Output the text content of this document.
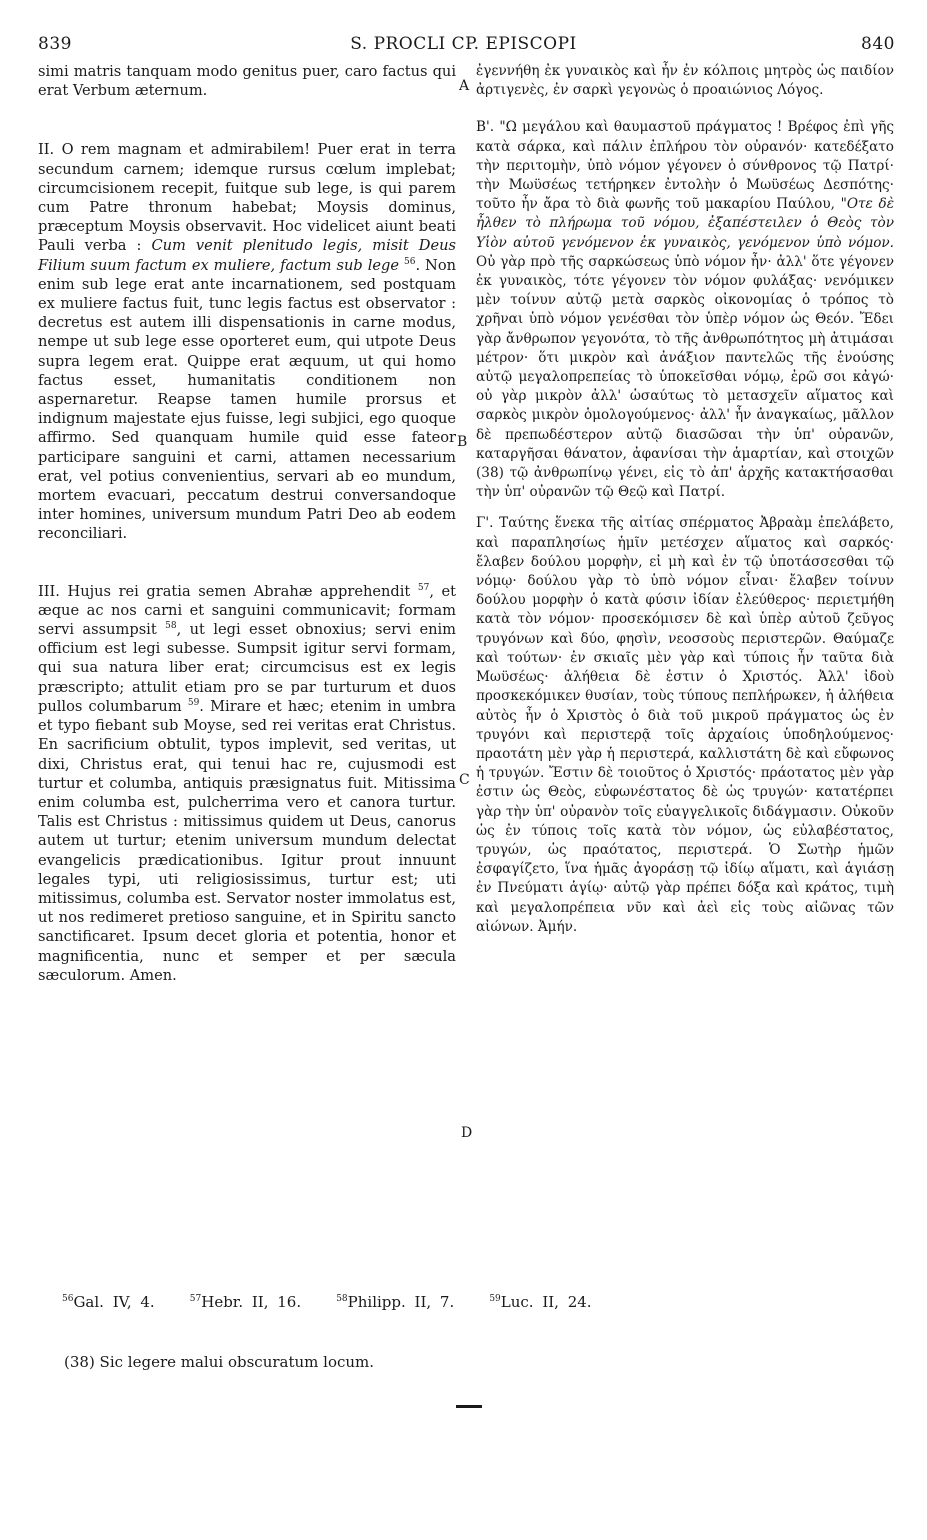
839	S. PROCLI CP. EPISCOPI	840

simi matris tanquam modo genitus puer, caro factus qui erat Verbum æternum.

II. O rem magnam et admirabilem! Puer erat in terra secundum carnem; idemque rursus cœlum implebat; circumcisionem recepit, fuitque sub lege, is qui parem cum Patre thronum habebat; Moysis dominus, præceptum Moysis observavit. Hoc videlicet aiunt beati Pauli verba : Cum venit plenitudo legis, misit Deus Filium suum factum ex muliere, factum sub lege $^{56}$. Non enim sub lege erat ante incarnationem, sed postquam ex muliere factus fuit, tunc legis factus est observator : decretus est autem illi dispensationis in carne modus, nempe ut sub lege esse oporteret eum, qui utpote Deus supra legem erat. Quippe erat æquum, ut qui homo factus esset, humanitatis conditionem non aspernaretur. Reapse tamen humile prorsus et indignum majestate ejus fuisse, legi subjici, ego quoque affirmo. Sed quanquam humile quid esse fateor participare sanguini et carni, attamen necessarium erat, vel potius convenientius, servari ab eo mundum, mortem evacuari, peccatum destrui conversandoque inter homines, universum mundum Patri Deo ab eodem reconciliari.

III. Hujus rei gratia semen Abrahæ apprehendit $^{57}$, et æque ac nos carni et sanguini communicavit; formam servi assumpsit $^{58}$, ut legi esset obnoxius; servi enim officium est legi subesse. Sumpsit igitur servi formam, qui sua natura liber erat; circumcisus est ex legis præscripto; attulit etiam pro se par turturum et duos pullos columbarum $^{59}$. Mirare et hæc; etenim in umbra et typo fiebant sub Moyse, sed rei veritas erat Christus. En sacrificium obtulit, typos implevit, sed veritas, ut dixi, Christus erat, qui tenui hac re, cujusmodi est turtur et columba, antiquis præsignatus fuit. Mitissima enim columba est, pulcherrima vero et canora turtur. Talis est Christus : mitissimus quidem ut Deus, canorus autem ut turtur; etenim universum mundum delectat evangelicis prædicationibus. Igitur prout innuunt legales typi, uti religiosissimus, turtur est; uti mitissimus, columba est. Servator noster immolatus est, ut nos redimeret pretioso sanguine, et in Spiritu sancto sanctificaret. Ipsum decet gloria et potentia, honor et magnificentia, nunc et semper et per sæcula sæculorum. Amen.

A
B
C
D

ἐγεννήθη ἐκ γυναικὸς καὶ ἦν ἐν κόλποις μητρὸς ὡς παιδίον ἀρτιγενὲς, ἐν σαρκὶ γεγονὼς ὁ προαιώνιος Λόγος.

Β'. "Ω μεγάλου καὶ θαυμαστοῦ πράγματος ! Βρέφος ἐπὶ γῆς κατὰ σάρκα, καὶ πάλιν ἐπλήρου τὸν οὐρανόν· κατεδέξατο τὴν περιτομὴν, ὑπὸ νόμον γέγονεν ὁ σύνθρονος τῷ Πατρί· τὴν Μωϋσέως τετήρηκεν ἐντολὴν ὁ Μωϋσέως Δεσπότης· τοῦτο ἦν ἄρα τὸ διὰ φωνῆς τοῦ μακαρίου Παύλου, "Οτε δὲ ἦλθεν τὸ πλήρωμα τοῦ νόμου, ἐξαπέστειλεν ὁ Θεὸς τὸν Υἱὸν αὐτοῦ γενόμενον ἐκ γυναικὸς, γενόμενον ὑπὸ νόμον. Οὐ γὰρ πρὸ τῆς σαρκώσεως ὑπὸ νόμον ἦν· ἀλλ' ὅτε γέγονεν ἐκ γυναικὸς, τότε γέγονεν τὸν νόμον φυλάξας· νενόμικεν μὲν τοίνυν αὐτῷ μετὰ σαρκὸς οἰκονομίας ὁ τρόπος τὸ χρῆναι ὑπὸ νόμον γενέσθαι τὸν ὑπὲρ νόμον ὡς Θεόν. Ἔδει γὰρ ἄνθρωπον γεγονότα, τὸ τῆς ἀνθρωπότητος μὴ ἀτιμάσαι μέτρον· ὅτι μικρὸν καὶ ἀνάξιον παντελῶς τῆς ἑνούσης αὐτῷ μεγαλοπρεπείας τὸ ὑποκεῖσθαι νόμῳ, ἐρῶ σοι κἀγώ· οὐ γὰρ μικρὸν ἀλλ' ὡσαύτως τὸ μετασχεῖν αἵματος καὶ σαρκὸς μικρὸν ὁμολογούμενος· ἀλλ' ἦν ἀναγκαίως, μᾶλλον δὲ πρεπωδέστερον αὐτῷ διασῶσαι τὴν ὑπ' οὐρανῶν, καταργῆσαι θάνατον, ἀφανίσαι τὴν ἁμαρτίαν, καὶ στοιχῶν (38) τῷ ἀνθρωπίνῳ γένει, εἰς τὸ ἀπ' ἀρχῆς κατακτήσασθαι τὴν ὑπ' οὐρανῶν τῷ Θεῷ καὶ Πατρί.

Γ'. Ταύτης ἕνεκα τῆς αἰτίας σπέρματος Ἀβραὰμ ἐπελάβετο, καὶ παραπλησίως ἡμῖν μετέσχεν αἵματος καὶ σαρκός· ἔλαβεν δούλου μορφὴν, εἰ μὴ καὶ ἐν τῷ ὑποτάσσεσθαι τῷ νόμῳ· δούλου γὰρ τὸ ὑπὸ νόμον εἶναι· ἔλαβεν τοίνυν δούλου μορφὴν ὁ κατὰ φύσιν ἰδίαν ἐλεύθερος· περιετμήθη κατὰ τὸν νόμον· προσεκόμισεν δὲ καὶ ὑπὲρ αὐτοῦ ζεῦγος τρυγόνων καὶ δύο, φησὶν, νεοσσοὺς περιστερῶν. Θαύμαζε καὶ τούτων· ἐν σκιαῖς μὲν γὰρ καὶ τύποις ἦν ταῦτα διὰ Μωϋσέως· ἀλήθεια δὲ ἐστιν ὁ Χριστός. Ἀλλ' ἰδοὺ προσκεκόμικεν θυσίαν, τοὺς τύπους πεπλήρωκεν, ἡ ἀλήθεια αὐτὸς ἦν ὁ Χριστὸς ὁ διὰ τοῦ μικροῦ πράγματος ὡς ἐν τρυγόνι καὶ περιστερᾷ τοῖς ἀρχαίοις ὑποδηλούμενος· πραοτάτη μὲν γὰρ ἡ περιστερά, καλλιστάτη δὲ καὶ εὔφωνος ἡ τρυγών. Ἔστιν δὲ τοιοῦτος ὁ Χριστός· πράοτατος μὲν γὰρ ἐστιν ὡς Θεὸς, εὐφωνέστατος δὲ ὡς τρυγών· κατατέρπει γὰρ τὴν ὑπ' οὐρανὸν τοῖς εὐαγγελικοῖς διδάγμασιν. Οὐκοῦν ὡς ἐν τύποις τοῖς κατὰ τὸν νόμον, ὡς εὐλαβέστατος, τρυγών, ὡς πραότατος, περιστερά. Ὁ Σωτὴρ ἡμῶν ἐσφαγίζετο, ἵνα ἡμᾶς ἀγοράσῃ τῷ ἰδίῳ αἵματι, καὶ ἁγιάσῃ ἐν Πνεύματι ἁγίῳ· αὐτῷ γὰρ πρέπει δόξα καὶ κράτος, τιμὴ καὶ μεγαλοπρέπεια νῦν καὶ ἀεὶ εἰς τοὺς αἰῶνας τῶν αἰώνων. Ἀμήν.

$^{56}$Gal. IV, 4.	$^{57}$Hebr. II, 16.	$^{58}$Philipp. II, 7.	$^{59}$Luc. II, 24.
(38) Sic legere malui obscuratum locum.
